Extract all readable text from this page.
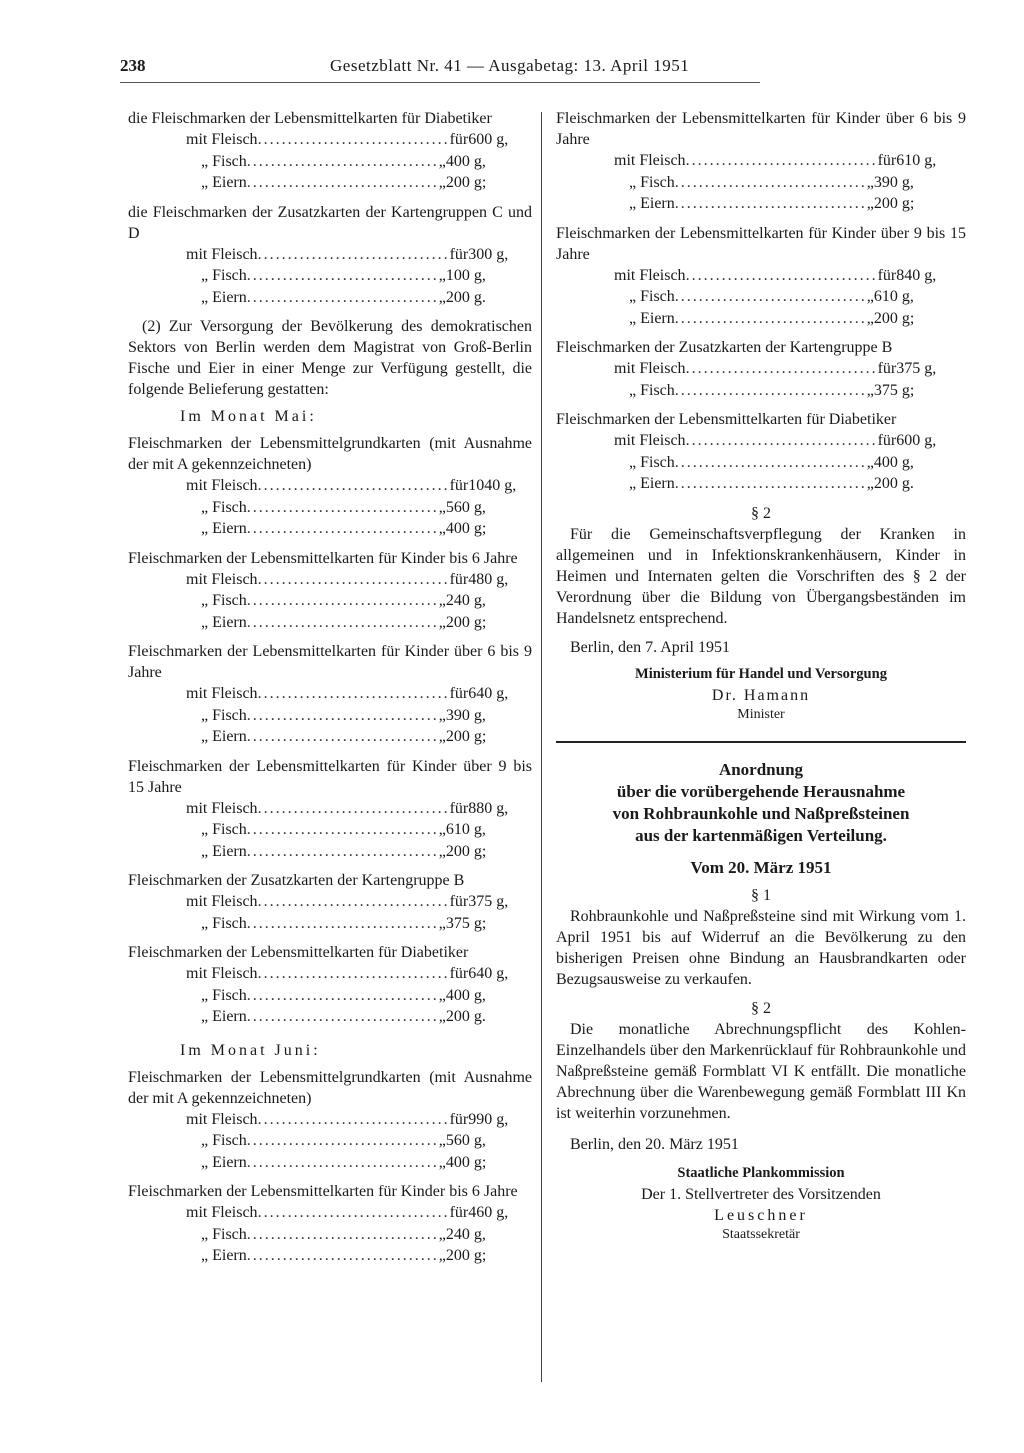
238	Gesetzblatt Nr. 41 — Ausgabetag: 13. April 1951
die Fleischmarken der Lebensmittelkarten für Diabetiker
mit Fleisch ................................ für 600 g,
„ Fisch ................................ „ 400 g,
„ Eiern ................................ „ 200 g;
die Fleischmarken der Zusatzkarten der Kartengruppen C und D
mit Fleisch ................................ für 300 g,
„ Fisch ................................ „ 100 g,
„ Eiern ................................ „ 200 g.
(2) Zur Versorgung der Bevölkerung des demokratischen Sektors von Berlin werden dem Magistrat von Groß-Berlin Fische und Eier in einer Menge zur Verfügung gestellt, die folgende Belieferung gestatten:
Im Monat Mai:
Fleischmarken der Lebensmittelgrundkarten (mit Ausnahme der mit A gekennzeichneten)
mit Fleisch ................................ für 1040 g,
„ Fisch ................................ „ 560 g,
„ Eiern ................................ „ 400 g;
Fleischmarken der Lebensmittelkarten für Kinder bis 6 Jahre
mit Fleisch ................................ für 480 g,
„ Fisch ................................ „ 240 g,
„ Eiern ................................ „ 200 g;
Fleischmarken der Lebensmittelkarten für Kinder über 6 bis 9 Jahre
mit Fleisch ................................ für 640 g,
„ Fisch ................................ „ 390 g,
„ Eiern ................................ „ 200 g;
Fleischmarken der Lebensmittelkarten für Kinder über 9 bis 15 Jahre
mit Fleisch ................................ für 880 g,
„ Fisch ................................ „ 610 g,
„ Eiern ................................ „ 200 g;
Fleischmarken der Zusatzkarten der Kartengruppe B
mit Fleisch ................................ für 375 g,
„ Fisch ................................ „ 375 g;
Fleischmarken der Lebensmittelkarten für Diabetiker
mit Fleisch ................................ für 640 g,
„ Fisch ................................ „ 400 g,
„ Eiern ................................ „ 200 g.
Im Monat Juni:
Fleischmarken der Lebensmittelgrundkarten (mit Ausnahme der mit A gekennzeichneten)
mit Fleisch ................................ für 990 g,
„ Fisch ................................ „ 560 g,
„ Eiern ................................ „ 400 g;
Fleischmarken der Lebensmittelkarten für Kinder bis 6 Jahre
mit Fleisch ................................ für 460 g,
„ Fisch ................................ „ 240 g,
„ Eiern ................................ „ 200 g;
Fleischmarken der Lebensmittelkarten für Kinder über 6 bis 9 Jahre
mit Fleisch ................................ für 610 g,
„ Fisch ................................ „ 390 g,
„ Eiern ................................ „ 200 g;
Fleischmarken der Lebensmittelkarten für Kinder über 9 bis 15 Jahre
mit Fleisch ................................ für 840 g,
„ Fisch ................................ „ 610 g,
„ Eiern ................................ „ 200 g;
Fleischmarken der Zusatzkarten der Kartengruppe B
mit Fleisch ................................ für 375 g,
„ Fisch ................................ „ 375 g;
Fleischmarken der Lebensmittelkarten für Diabetiker
mit Fleisch ................................ für 600 g,
„ Fisch ................................ „ 400 g,
„ Eiern ................................ „ 200 g.
§ 2
Für die Gemeinschaftsverpflegung der Kranken in allgemeinen und in Infektionskrankenhäusern, Kinder in Heimen und Internaten gelten die Vorschriften des § 2 der Verordnung über die Bildung von Übergangsbeständen im Handelsnetz entsprechend.
Berlin, den 7. April 1951
Ministerium für Handel und Versorgung
Dr. Hamann
Minister
Anordnung
über die vorübergehende Herausnahme
von Rohbraunkohle und Naßpreßsteinen
aus der kartenmäßigen Verteilung.
Vom 20. März 1951
§ 1
Rohbraunkohle und Naßpreßsteine sind mit Wirkung vom 1. April 1951 bis auf Widerruf an die Bevölkerung zu den bisherigen Preisen ohne Bindung an Hausbrandkarten oder Bezugsausweise zu verkaufen.
§ 2
Die monatliche Abrechnungspflicht des Kohlen-Einzelhandels über den Markenrücklauf für Rohbraunkohle und Naßpreßsteine gemäß Formblatt VI K entfällt. Die monatliche Abrechnung über die Warenbewegung gemäß Formblatt III Kn ist weiterhin vorzunehmen.
Berlin, den 20. März 1951
Staatliche Plankommission
Der 1. Stellvertreter des Vorsitzenden
Leuschner
Staatssekretär
